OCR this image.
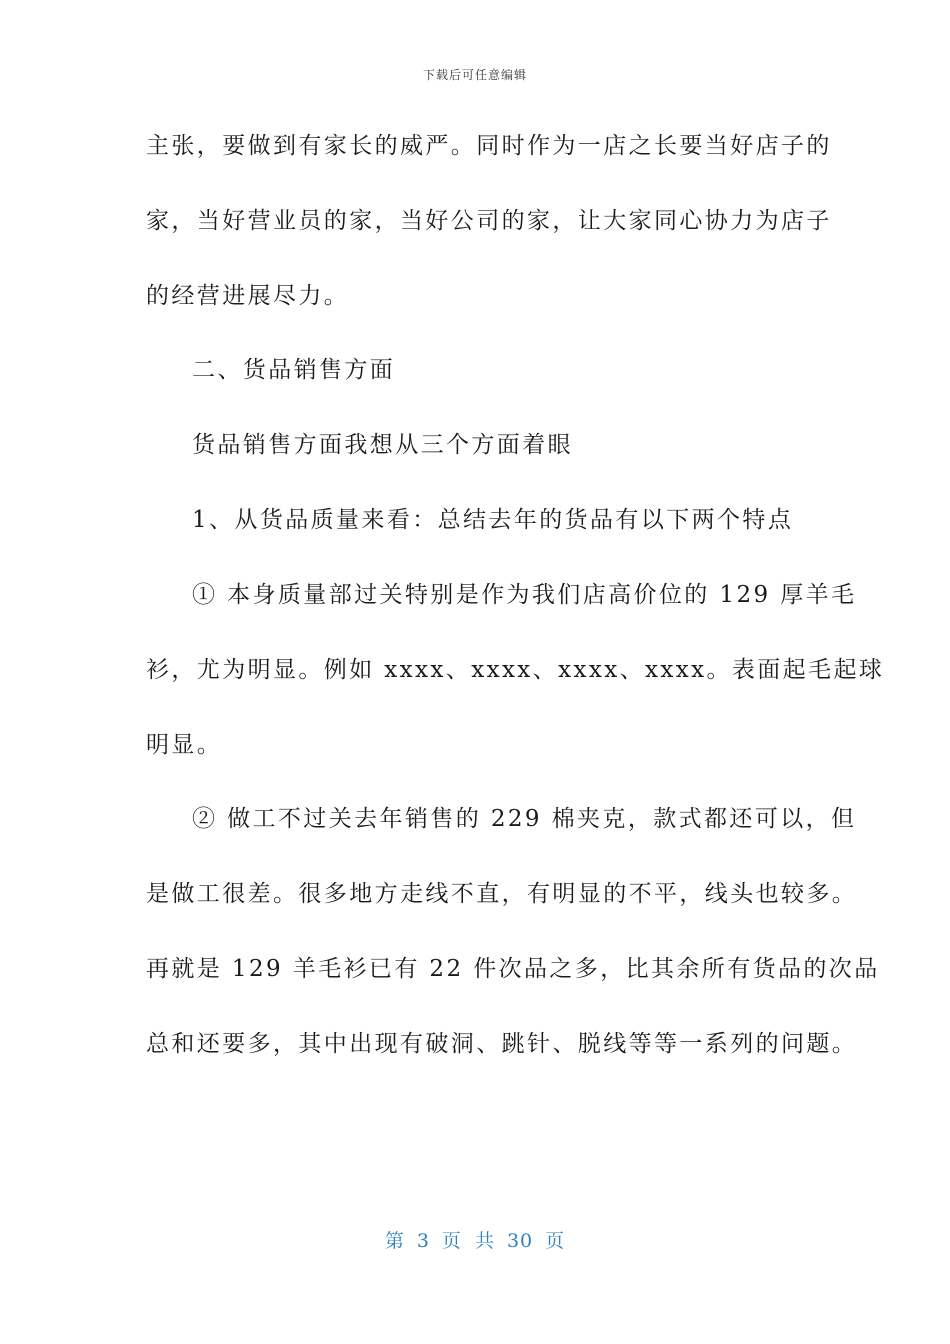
下载后可任意编辑
主张，要做到有家长的威严。同时作为一店之长要当好店子的
家，当好营业员的家，当好公司的家，让大家同心协力为店子
的经营进展尽力。
二、货品销售方面
货品销售方面我想从三个方面着眼
1、从货品质量来看：总结去年的货品有以下两个特点
① 本身质量部过关特别是作为我们店高价位的 129 厚羊毛
衫，尤为明显。例如 xxxx、xxxx、xxxx、xxxx。表面起毛起球
明显。
② 做工不过关去年销售的 229 棉夹克，款式都还可以，但
是做工很差。很多地方走线不直，有明显的不平，线头也较多。
再就是 129 羊毛衫已有 22 件次品之多，比其余所有货品的次品
总和还要多，其中出现有破洞、跳针、脱线等等一系列的问题。
第 3 页 共 30 页
